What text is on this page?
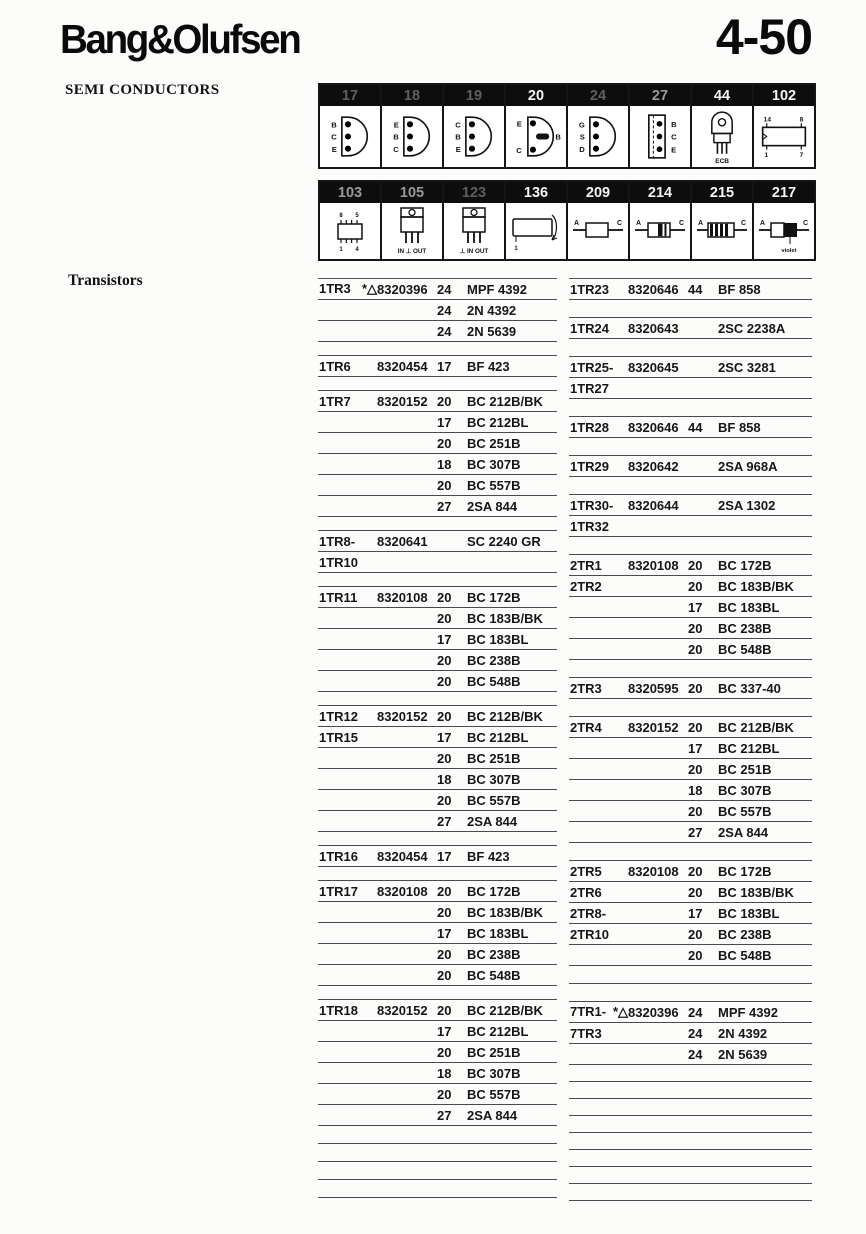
Bang&Olufsen	4-50
SEMI CONDUCTORS	17
B
C
E
18
E
B
C
19
C
B
E
20
E
C
B
24
G
S
D
27
B
C
E
44
E C B
102
14	8
1	7
103
8 5
1 4
105
IN ⊥ OUT
123
⊥ IN OUT
136
1
209
A	C
214
A	C
215
A	C
217
A	C
violet
Transistors	1TR3 *△ 8320396 24	MPF 4392
24	2N 4392
24	2N 5639
1TR6 8320454 17	BF 423
1TR7 8320152 20	BC 212B/BK
17	BC 212BL
20	BC 251B
18	BC 307B
20	BC 557B
27	2SA 844
1TR8- 8320641	SC 2240 GR
1TR10
1TR11 8320108 20	BC 172B
20	BC 183B/BK
17	BC 183BL
20	BC 238B
20	BC 548B
1TR12 8320152 20	BC 212B/BK
1TR15	17	BC 212BL
20	BC 251B
18	BC 307B
20	BC 557B
27	2SA 844
1TR16 8320454 17	BF 423
1TR17 8320108 20	BC 172B
20	BC 183B/BK
17	BC 183BL
20	BC 238B
20	BC 548B
1TR18 8320152 20	BC 212B/BK
17	BC 212BL
20	BC 251B
18	BC 307B
20	BC 557B
27	2SA 844
1TR23 8320646 44	BF 858
1TR24 8320643	2SC 2238A
1TR25- 8320645	2SC 3281
1TR27
1TR28 8320646 44	BF 858
1TR29 8320642	2SA 968A
1TR30- 8320644	2SA 1302
1TR32
2TR1 8320108 20	BC 172B
2TR2	20	BC 183B/BK
17	BC 183BL
20	BC 238B
20	BC 548B
2TR3 8320595 20	BC 337-40
2TR4 8320152 20	BC 212B/BK
17	BC 212BL
20	BC 251B
18	BC 307B
20	BC 557B
27	2SA 844
2TR5 8320108 20	BC 172B
2TR6	20	BC 183B/BK
2TR8-	17	BC 183BL
2TR10	20	BC 238B
20	BC 548B
7TR1- *△ 8320396 24	MPF 4392
7TR3	24	2N 4392
24	2N 5639
